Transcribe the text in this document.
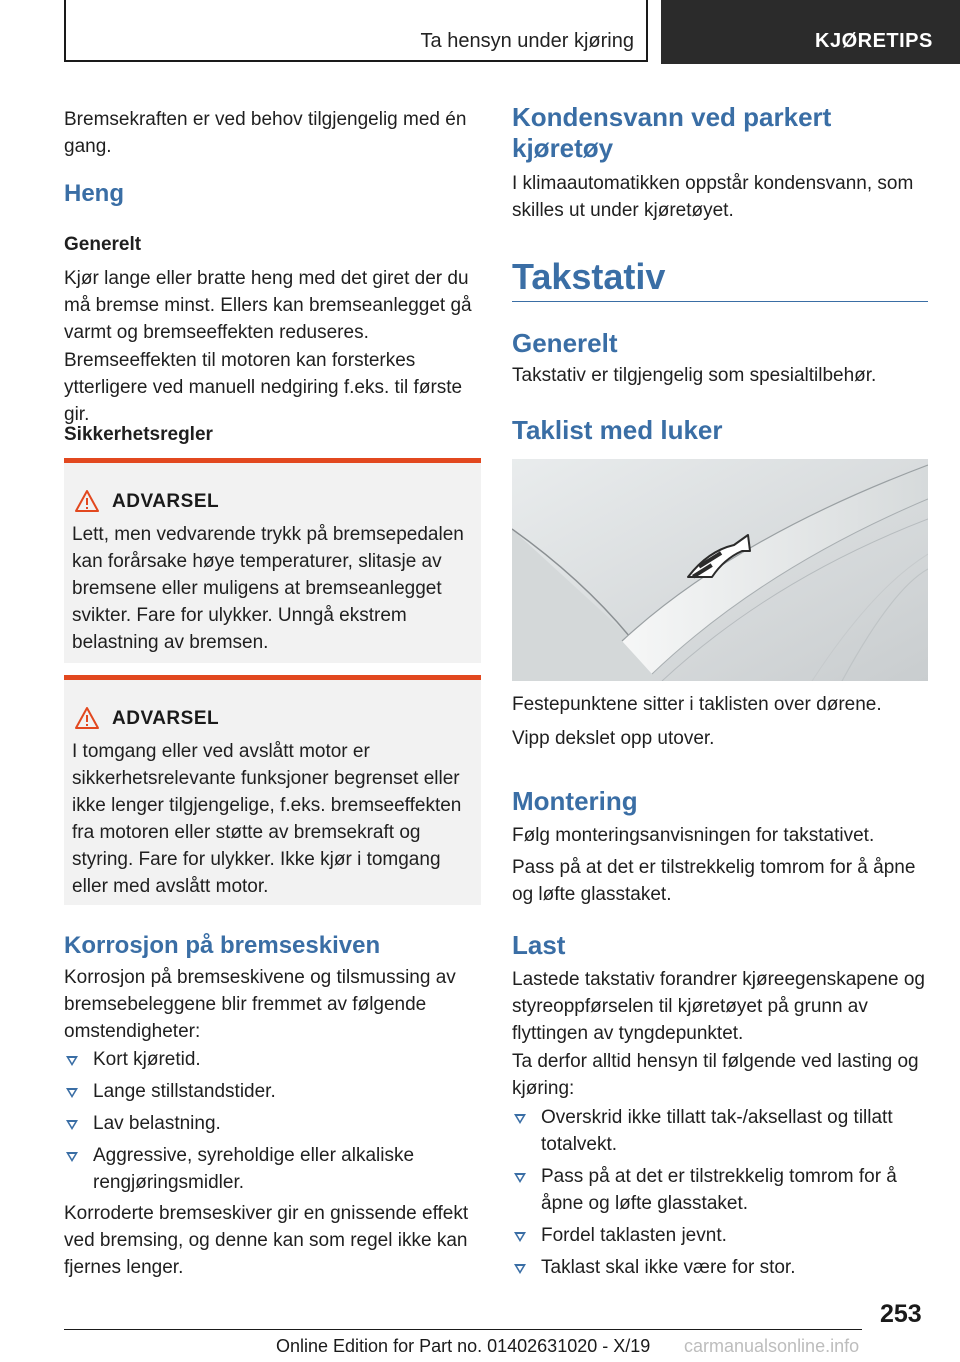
Ta hensyn under kjøring	KJØRETIPS

Bremsekraften er ved behov tilgjengelig med én gang.

Heng
Generelt

Kjør lange eller bratte heng med det giret der du må bremse minst. Ellers kan bremseanlegget gå varmt og bremseeffekten reduseres.

Bremseeffekten til motoren kan forsterkes ytterligere ved manuell nedgiring f.eks. til første gir.

Sikkerhetsregler
ADVARSEL
Lett, men vedvarende trykk på bremsepedalen kan forårsake høye temperaturer, slitasje av bremsene eller muligens at bremseanlegget svikter. Fare for ulykker. Unngå ekstrem belastning av bremsen.
ADVARSEL
I tomgang eller ved avslått motor er sikkerhetsrelevante funksjoner begrenset eller ikke lenger tilgjengelige, f.eks. bremseeffekten fra motoren eller støtte av bremsekraft og styring. Fare for ulykker. Ikke kjør i tomgang eller med avslått motor.
Korrosjon på bremseskiven

Korrosjon på bremseskivene og tilsmussing av bremsebeleggene blir fremmet av følgende omstendigheter:

Kort kjøretid.
Lange stillstandstider.
Lav belastning.
Aggressive, syreholdige eller alkaliske rengjøringsmidler.

Korroderte bremseskiver gir en gnissende effekt ved bremsing, og denne kan som regel ikke kan fjernes lenger.

Kondensvann ved parkert kjøretøy

I klimaautomatikken oppstår kondensvann, som skilles ut under kjøretøyet.

Takstativ
Generelt

Takstativ er tilgjengelig som spesialtilbehør.

Taklist med luker

Festepunktene sitter i taklisten over dørene.

Vipp dekslet opp utover.

Montering

Følg monteringsanvisningen for takstativet.

Pass på at det er tilstrekkelig tomrom for å åpne og løfte glasstaket.

Last

Lastede takstativ forandrer kjøreegenskapene og styreoppførselen til kjøretøyet på grunn av flyttingen av tyngdepunktet.

Ta derfor alltid hensyn til følgende ved lasting og kjøring:

Overskrid ikke tillatt tak-/aksellast og tillatt totalvekt.
Pass på at det er tilstrekkelig tomrom for å åpne og løfte glasstaket.
Fordel taklasten jevnt.
Taklast skal ikke være for stor.
253
Online Edition for Part no. 01402631020 - X/19 carmanualsonline.info
